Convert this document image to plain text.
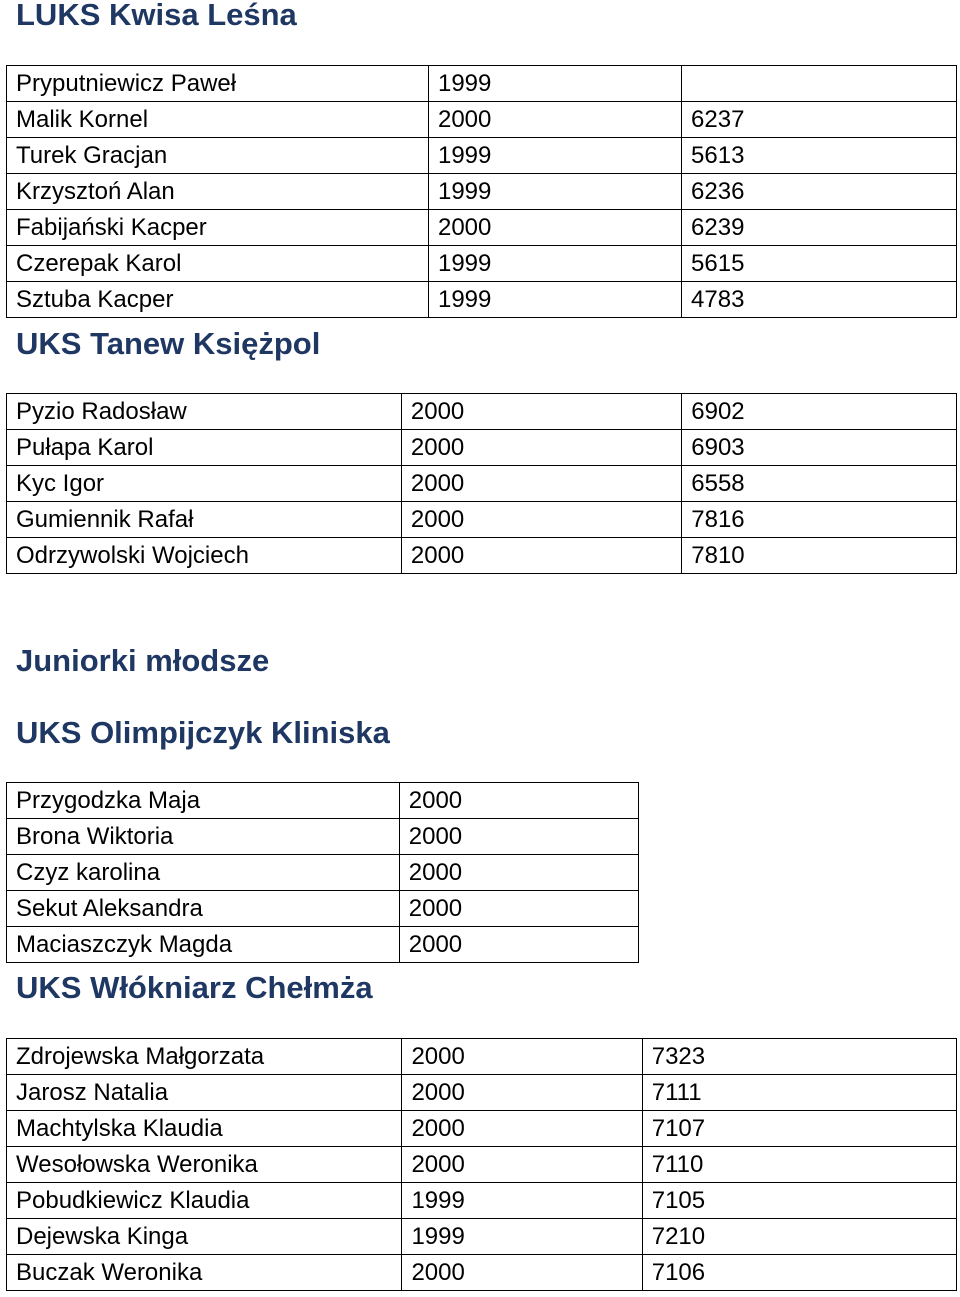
LUKS Kwisa Leśna
Pryputniewicz Paweł	1999	
Malik Kornel	2000	6237
Turek Gracjan	1999	5613
Krzysztoń Alan	1999	6236
Fabijański Kacper	2000	6239
Czerepak Karol	1999	5615
Sztuba Kacper	1999	4783
UKS Tanew Księżpol
Pyzio Radosław	2000	6902
Pułapa Karol	2000	6903
Kyc Igor	2000	6558
Gumiennik Rafał	2000	7816
Odrzywolski Wojciech	2000	7810
Juniorki młodsze
UKS Olimpijczyk Kliniska
Przygodzka Maja	2000
Brona Wiktoria	2000
Czyz karolina	2000
Sekut Aleksandra	2000
Maciaszczyk Magda	2000
UKS Włókniarz Chełmża
Zdrojewska Małgorzata	2000	7323
Jarosz Natalia	2000	7111
Machtylska Klaudia	2000	7107
Wesołowska Weronika	2000	7110
Pobudkiewicz Klaudia	1999	7105
Dejewska Kinga	1999	7210
Buczak Weronika	2000	7106
